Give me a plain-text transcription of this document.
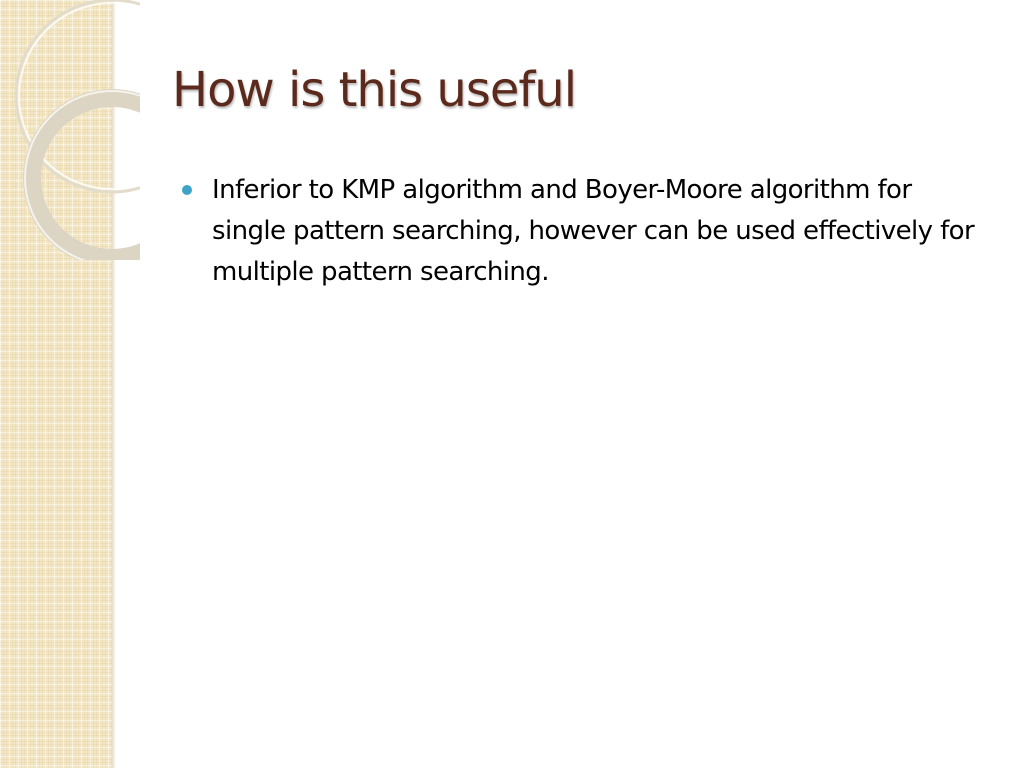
How is this useful
Inferior to KMP algorithm and Boyer-Moore algorithm for single pattern searching, however can be used effectively for multiple pattern searching.
